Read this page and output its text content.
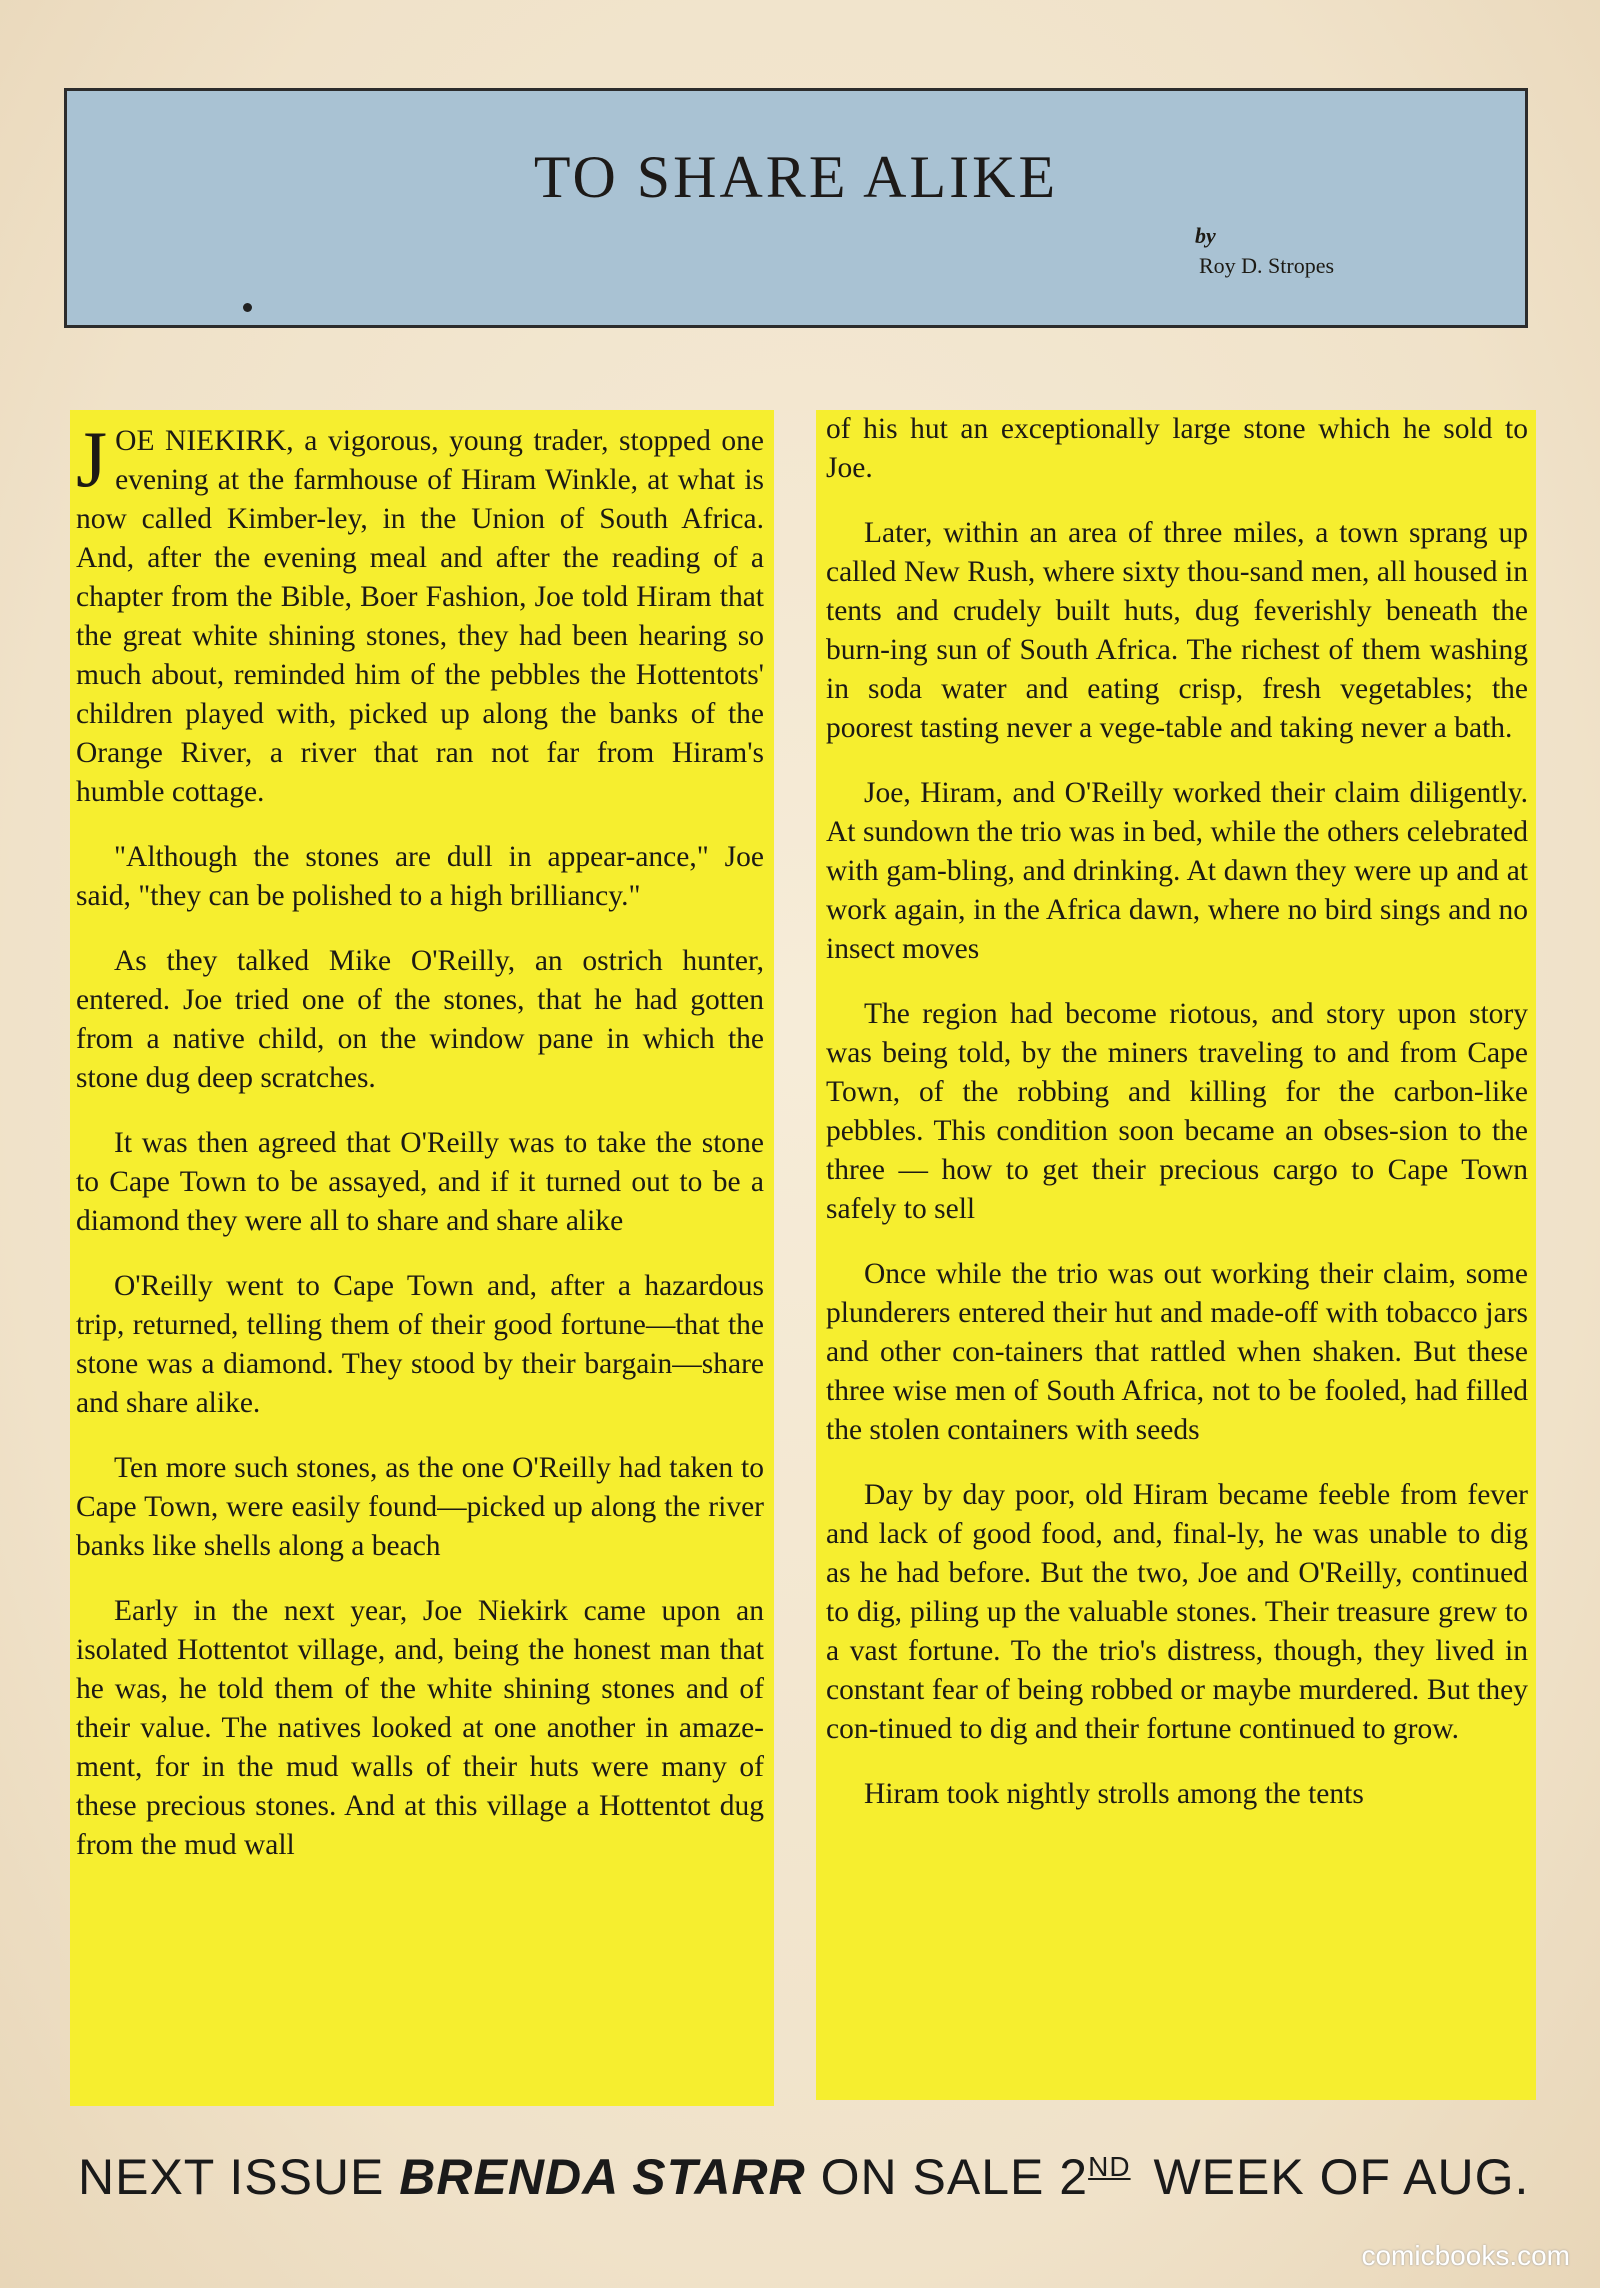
TO SHARE ALIKE
by
Roy D. Stropes

JOE NIEKIRK, a vigorous, young trader, stopped one evening at the farmhouse of Hiram Winkle, at what is now called Kimber-ley, in the Union of South Africa. And, after the evening meal and after the reading of a chapter from the Bible, Boer Fashion, Joe told Hiram that the great white shining stones, they had been hearing so much about, reminded him of the pebbles the Hottentots' children played with, picked up along the banks of the Orange River, a river that ran not far from Hiram's humble cottage.

"Although the stones are dull in appear-ance," Joe said, "they can be polished to a high brilliancy."

As they talked Mike O'Reilly, an ostrich hunter, entered. Joe tried one of the stones, that he had gotten from a native child, on the window pane in which the stone dug deep scratches.

It was then agreed that O'Reilly was to take the stone to Cape Town to be assayed, and if it turned out to be a diamond they were all to share and share alike

O'Reilly went to Cape Town and, after a hazardous trip, returned, telling them of their good fortune—that the stone was a diamond. They stood by their bargain—share and share alike.

Ten more such stones, as the one O'Reilly had taken to Cape Town, were easily found—picked up along the river banks like shells along a beach

Early in the next year, Joe Niekirk came upon an isolated Hottentot village, and, being the honest man that he was, he told them of the white shining stones and of their value. The natives looked at one another in amaze-ment, for in the mud walls of their huts were many of these precious stones. And at this village a Hottentot dug from the mud wall

of his hut an exceptionally large stone which he sold to Joe.

Later, within an area of three miles, a town sprang up called New Rush, where sixty thou-sand men, all housed in tents and crudely built huts, dug feverishly beneath the burn-ing sun of South Africa. The richest of them washing in soda water and eating crisp, fresh vegetables; the poorest tasting never a vege-table and taking never a bath.

Joe, Hiram, and O'Reilly worked their claim diligently. At sundown the trio was in bed, while the others celebrated with gam-bling, and drinking. At dawn they were up and at work again, in the Africa dawn, where no bird sings and no insect moves

The region had become riotous, and story upon story was being told, by the miners traveling to and from Cape Town, of the robbing and killing for the carbon-like pebbles. This condition soon became an obses-sion to the three — how to get their precious cargo to Cape Town safely to sell

Once while the trio was out working their claim, some plunderers entered their hut and made-off with tobacco jars and other con-tainers that rattled when shaken. But these three wise men of South Africa, not to be fooled, had filled the stolen containers with seeds

Day by day poor, old Hiram became feeble from fever and lack of good food, and, final-ly, he was unable to dig as he had before. But the two, Joe and O'Reilly, continued to dig, piling up the valuable stones. Their treasure grew to a vast fortune. To the trio's distress, though, they lived in constant fear of being robbed or maybe murdered. But they con-tinued to dig and their fortune continued to grow.

Hiram took nightly strolls among the tents

NEXT ISSUE BRENDA STARR ON SALE 2ND WEEK OF AUG.
comicbooks.com
